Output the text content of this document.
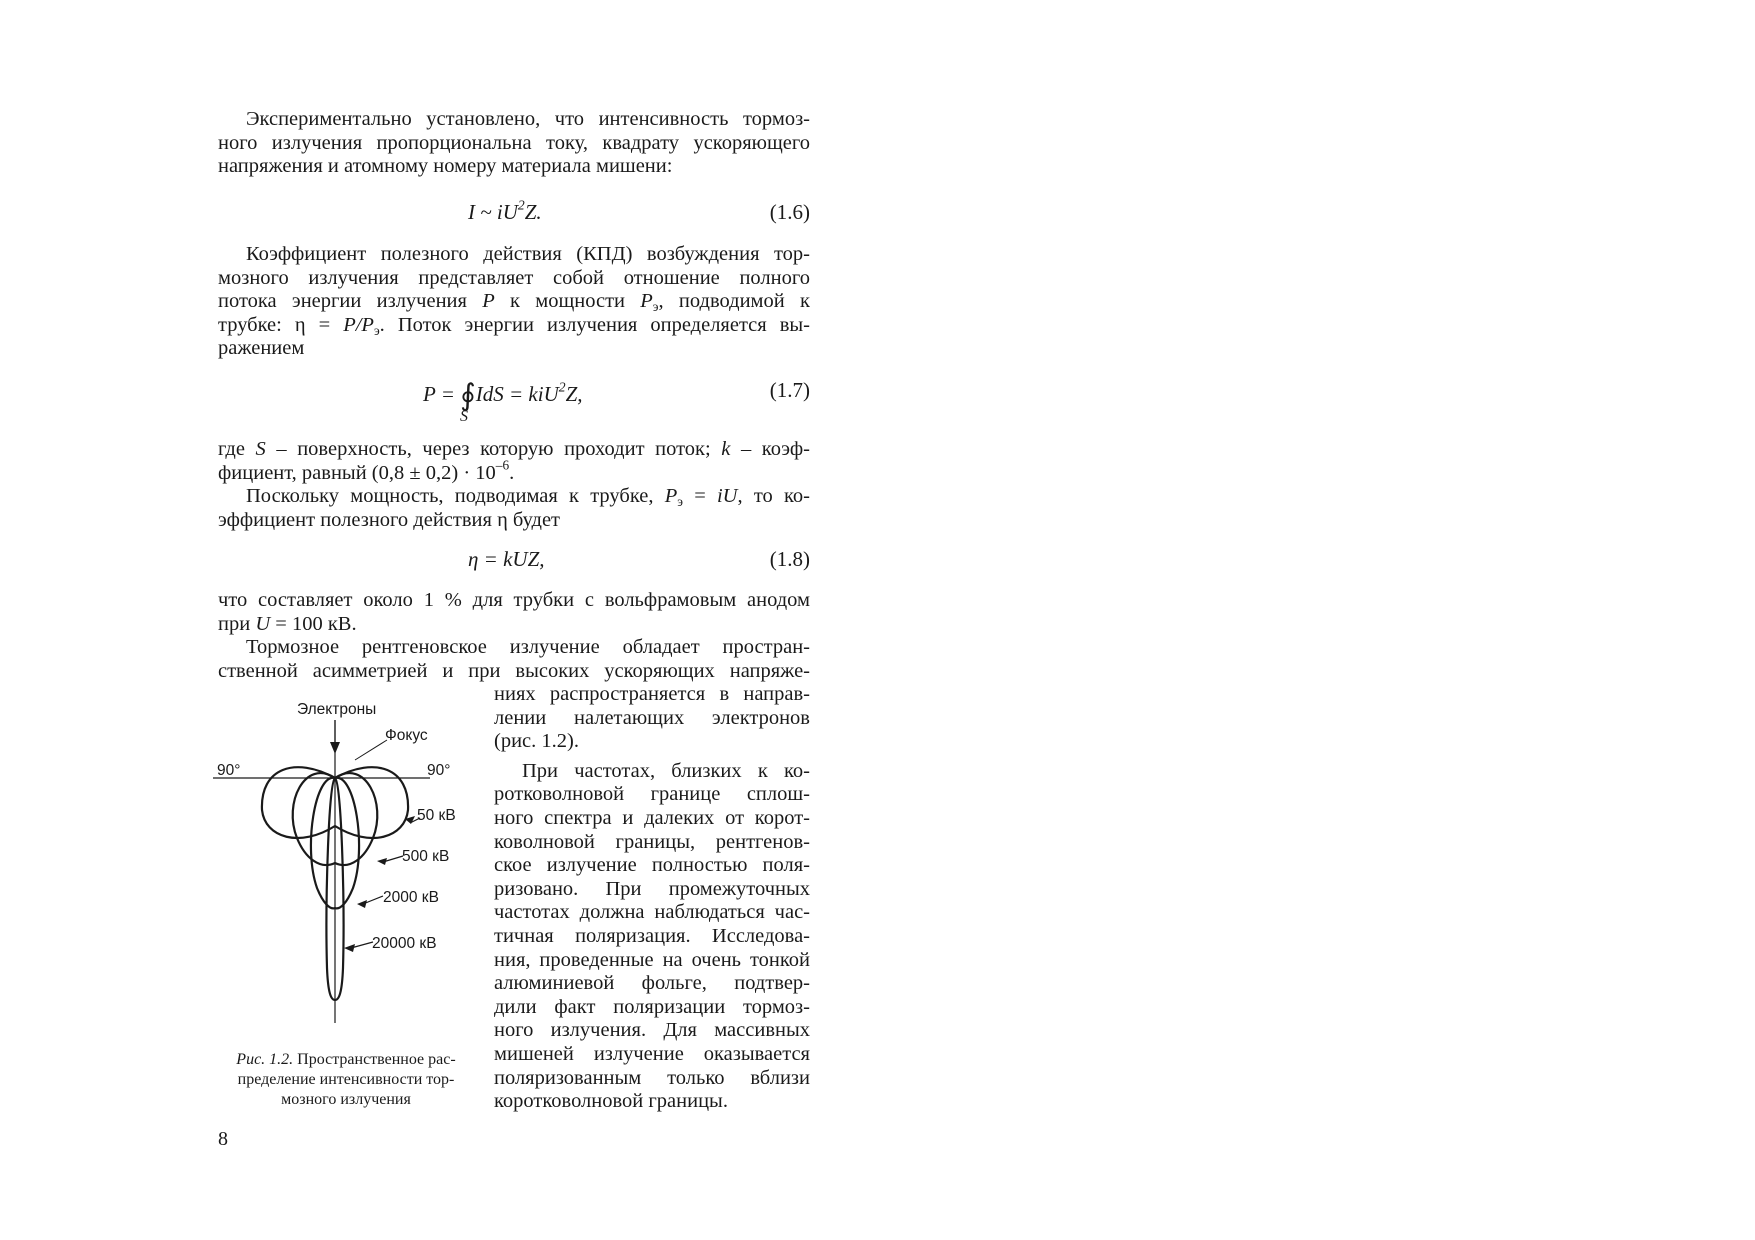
Экспериментально установлено, что интенсивность тормоз-
ного излучения пропорциональна току, квадрату ускоряющего
напряжения и атомному номеру материала мишени:
I ~ $iU^2Z$.	(1.6)
Коэффициент полезного действия (КПД) возбуждения тор-
мозного излучения представляет собой отношение полного
потока энергии излучения P к мощности $P_э$, подводимой к
трубке: $\eta = P/P_э$. Поток энергии излучения определяется вы-
ражением
P = ∮IdS = kiU$^2$Z,
S
(1.7)
где S – поверхность, через которую проходит поток; k – коэф-
фициент, равный $(0,8 \pm 0,2) \cdot 10^{-6}$.
Поскольку мощность, подводимая к трубке, $P_э$ = iU, то ко-
эффициент полезного действия η будет
η = kUZ,	(1.8)
что составляет около 1 % для трубки с вольфрамовым анодом
при U = 100 кВ.
Тормозное рентгеновское излучение обладает простран-
ственной асимметрией и при высоких ускоряющих напряже-
ниях распространяется в направ-
лении налетающих электронов
(рис. 1.2).
При частотах, близких к ко-
ротковолновой границе сплош-
ного спектра и далеких от корот-
коволновой границы, рентгенов-
ское излучение полностью поля-
ризовано. При промежуточных
частотах должна наблюдаться час-
тичная поляризация. Исследова-
ния, проведенные на очень тонкой
алюминиевой фольге, подтвер-
дили факт поляризации тормоз-
ного излучения. Для массивных
мишеней излучение оказывается
поляризованным только вблизи
коротковолновой границы.
Электроны
Фокус
90°	90°
50 кВ
500 кВ
2000 кВ
20000 кВ
Рис. 1.2. Пространственное рас-
пределение интенсивности тор-
мозного излучения
8
